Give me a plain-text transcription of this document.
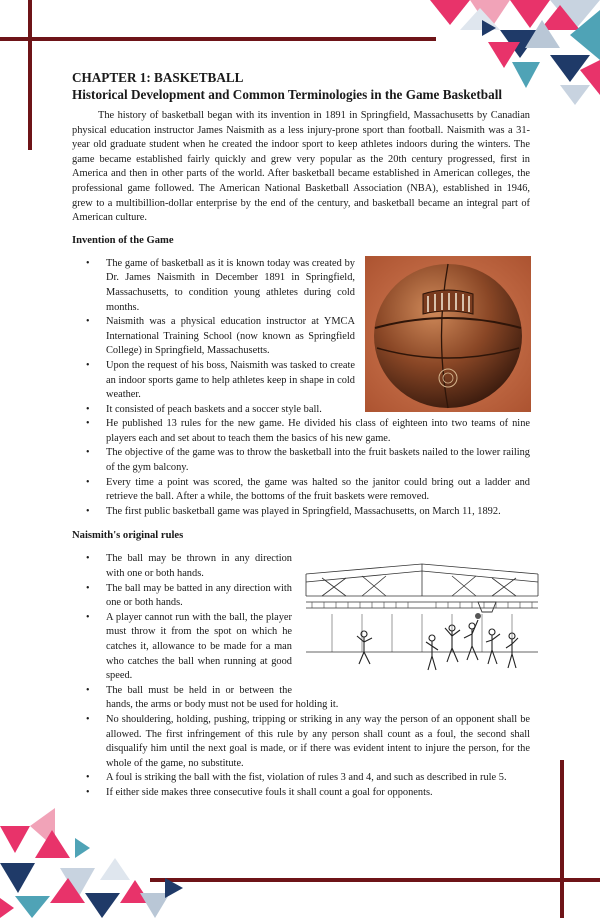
CHAPTER 1: BASKETBALL
Historical Development and Common Terminologies in the Game Basketball

The history of basketball began with its invention in 1891 in Springfield, Massachusetts by Canadian physical education instructor James Naismith as a less injury-prone sport than football. Naismith was a 31-year old graduate student when he created the indoor sport to keep athletes indoors during the winters. The game became established fairly quickly and grew very popular as the 20th century progressed, first in America and then in other parts of the world. After basketball became established in American colleges, the professional game followed. The American National Basketball Association (NBA), established in 1946, grew to a multibillion-dollar enterprise by the end of the century, and basketball became an integral part of American culture.

Invention of the Game
• The game of basketball as it is known today was created by Dr. James Naismith in December 1891 in Springfield, Massachusetts, to condition young athletes during cold months.
• Naismith was a physical education instructor at YMCA International Training School (now known as Springfield College) in Springfield, Massachusetts.
• Upon the request of his boss, Naismith was tasked to create an indoor sports game to help athletes keep in shape in cold weather.
• It consisted of peach baskets and a soccer style ball.
• He published 13 rules for the new game. He divided his class of eighteen into two teams of nine players each and set about to teach them the basics of his new game.
• The objective of the game was to throw the basketball into the fruit baskets nailed to the lower railing of the gym balcony.
• Every time a point was scored, the game was halted so the janitor could bring out a ladder and retrieve the ball. After a while, the bottoms of the fruit baskets were removed.
• The first public basketball game was played in Springfield, Massachusetts, on March 11, 1892.
Naismith's original rules
• The ball may be thrown in any direction with one or both hands.
• The ball may be batted in any direction with one or both hands.
• A player cannot run with the ball, the player must throw it from the spot on which he catches it, allowance to be made for a man who catches the ball when running at good speed.
• The ball must be held in or between the hands, the arms or body must not be used for holding it.
• No shouldering, holding, pushing, tripping or striking in any way the person of an opponent shall be allowed. The first infringement of this rule by any person shall count as a foul, the second shall disqualify him until the next goal is made, or if there was evident intent to injure the person, for the whole of the game, no substitute.
• A foul is striking the ball with the fist, violation of rules 3 and 4, and such as described in rule 5.
• If either side makes three consecutive fouls it shall count a goal for opponents.
